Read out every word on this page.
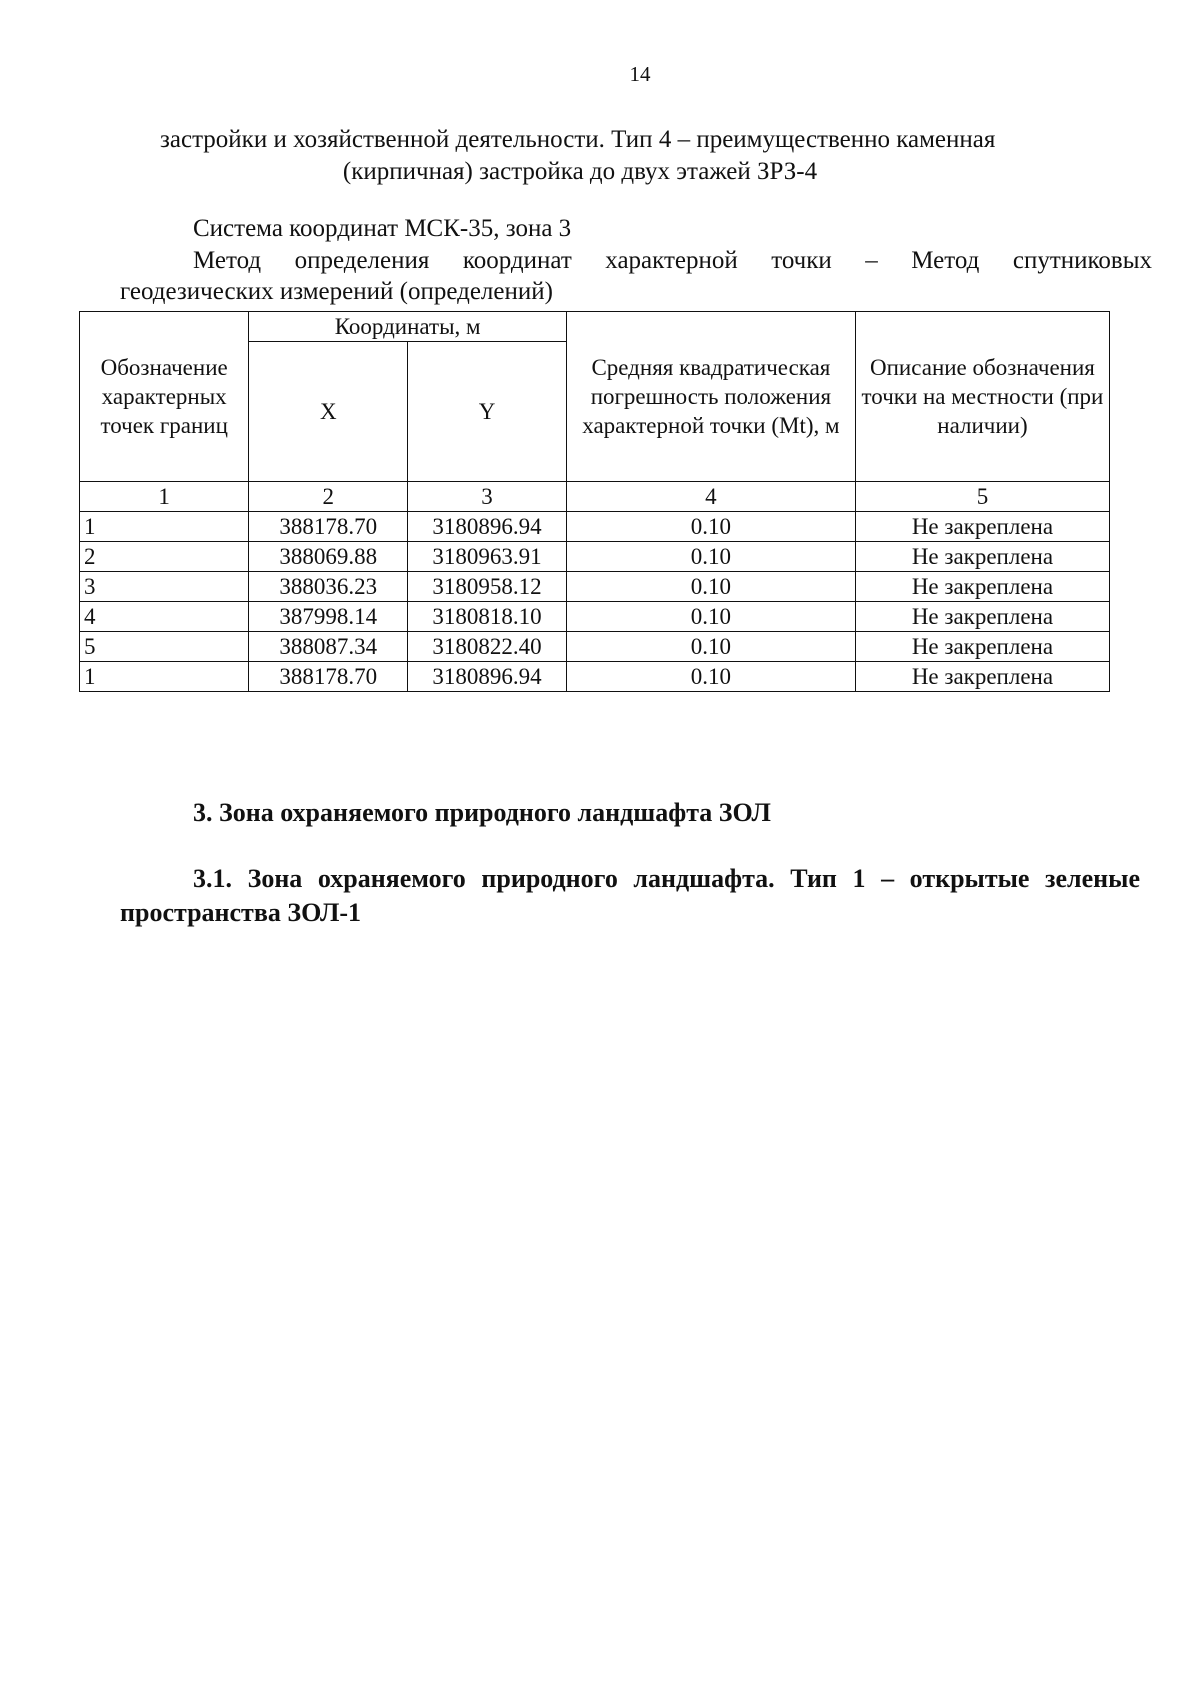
14
застройки и хозяйственной деятельности. Тип 4 – преимущественно каменная
(кирпичная) застройка до двух этажей ЗРЗ-4
Система координат МСК-35, зона 3
Метод определения координат характерной точки – Метод спутниковых
геодезических измерений (определений)
Обозначение характерных точек границ	Координаты, м		Средняя квадратическая погрешность положения характерной точки (Mt), м	Описание обозначения точки на местности (при наличии)
	X	Y		
1	2	3	4	5
1	388178.70	3180896.94	0.10	Не закреплена
2	388069.88	3180963.91	0.10	Не закреплена
3	388036.23	3180958.12	0.10	Не закреплена
4	387998.14	3180818.10	0.10	Не закреплена
5	388087.34	3180822.40	0.10	Не закреплена
1	388178.70	3180896.94	0.10	Не закреплена
3. Зона охраняемого природного ландшафта ЗОЛ
3.1. Зона охраняемого природного ландшафта. Тип 1 – открытые зеленые
пространства ЗОЛ-1
